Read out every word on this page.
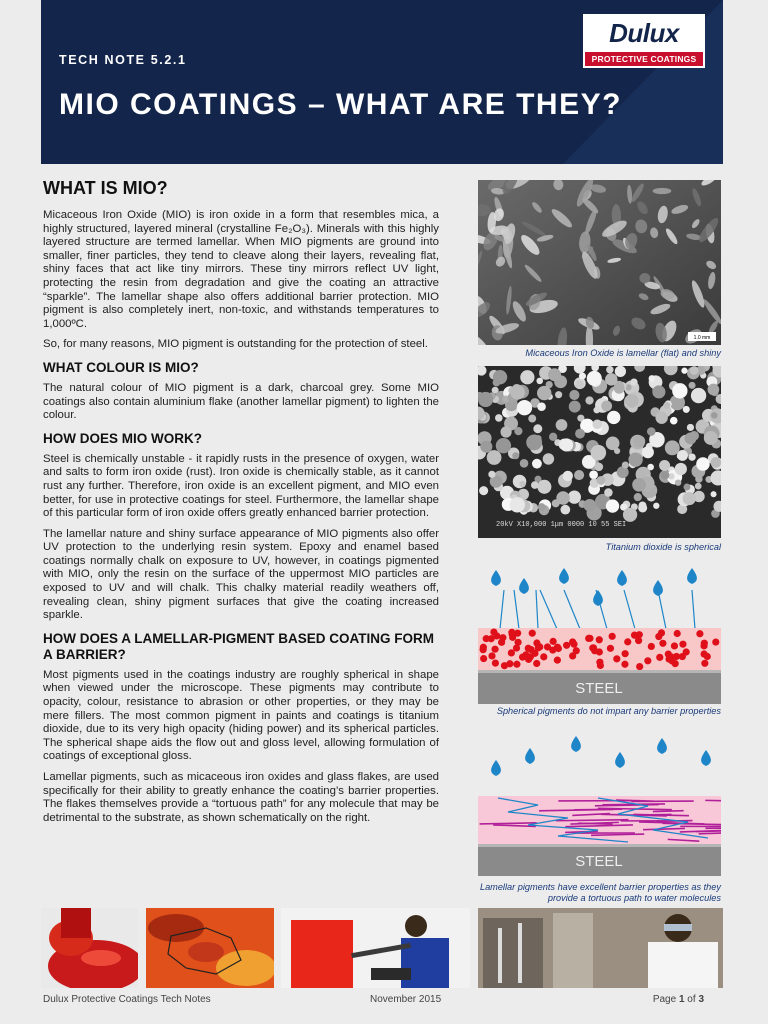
TECH NOTE 5.2.1
MIO COATINGS – WHAT ARE THEY?
Dulux
PROTECTIVE COATINGS
WHAT IS MIO?

Micaceous Iron Oxide (MIO) is iron oxide in a form that resembles mica, a highly structured, layered mineral (crystalline Fe₂O₃). Minerals with this highly layered structure are termed lamellar. When MIO pigments are ground into smaller, finer particles, they tend to cleave along their layers, revealing flat, shiny faces that act like tiny mirrors. These tiny mirrors reflect UV light, protecting the resin from degradation and give the coating an attractive “sparkle”. The lamellar shape also offers additional barrier protection. MIO pigment is also completely inert, non-toxic, and withstands temperatures to 1,000ºC.

So, for many reasons, MIO pigment is outstanding for the protection of steel.

WHAT COLOUR IS MIO?

The natural colour of MIO pigment is a dark, charcoal grey. Some MIO coatings also contain aluminium flake (another lamellar pigment) to lighten the colour.

HOW DOES MIO WORK?

Steel is chemically unstable - it rapidly rusts in the presence of oxygen, water and salts to form iron oxide (rust). Iron oxide is chemically stable, as it cannot rust any further. Therefore, iron oxide is an excellent pigment, and MIO even better, for use in protective coatings for steel. Furthermore, the lamellar shape of this particular form of iron oxide offers greatly enhanced barrier protection.

The lamellar nature and shiny surface appearance of MIO pigments also offer UV protection to the underlying resin system. Epoxy and enamel based coatings normally chalk on exposure to UV, however, in coatings pigmented with MIO, only the resin on the surface of the uppermost MIO particles are exposed to UV and will chalk. This chalky material readily weathers off, revealing clean, shiny pigment surfaces that give the coating increased sparkle.

HOW DOES A LAMELLAR-PIGMENT BASED COATING FORM A BARRIER?

Most pigments used in the coatings industry are roughly spherical in shape when viewed under the microscope. These pigments may contribute to opacity, colour, resistance to abrasion or other properties, or they may be mere fillers. The most common pigment in paints and coatings is titanium dioxide, due to its very high opacity (hiding power) and its spherical particles. The spherical shape aids the flow out and gloss level, allowing formulation of coatings of exceptional gloss.

Lamellar pigments, such as micaceous iron oxides and glass flakes, are used specifically for their ability to greatly enhance the coating’s barrier properties. The flakes themselves provide a “tortuous path” for any molecule that may be detrimental to the substrate, as shown schematically on the right.

1.0 mm
Micaceous Iron Oxide is lamellar (flat) and shiny
20kV X10,000 1μm 0000 10 55 SEI
Titanium dioxide is spherical
STEEL
Spherical pigments do not impart any barrier properties
STEEL
Lamellar pigments have excellent barrier properties as they provide a tortuous path to water molecules
Dulux Protective Coatings Tech Notes	November 2015	Page 1 of 3
